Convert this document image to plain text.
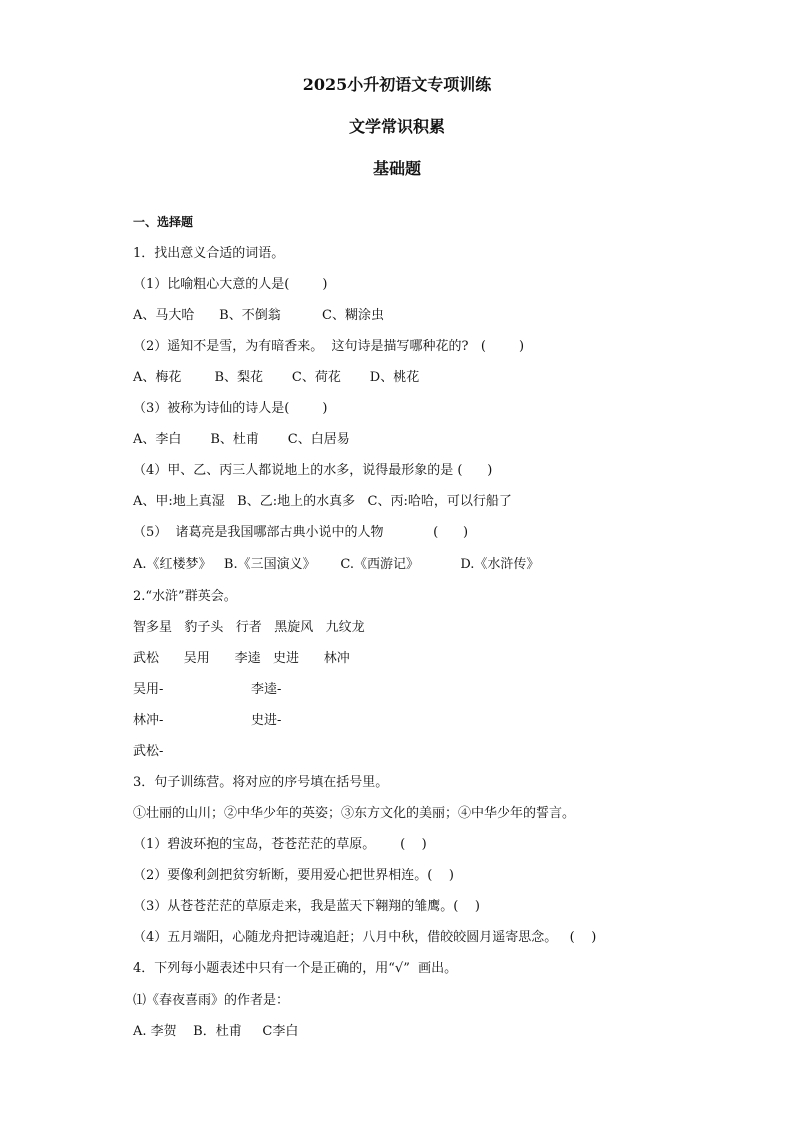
2025小升初语文专项训练
文学常识积累
基础题
一、选择题
1．找出意义合适的词语。
（1）比喻粗心大意的人是(        )
A、马大哈      B、不倒翁          C、糊涂虫
（2）遥知不是雪，为有暗香来。  这句诗是描写哪种花的?   (        )
A、梅花        B、梨花       C、荷花       D、桃花
（3）被称为诗仙的诗人是(        )
A、李白       B、杜甫       C、白居易
（4）甲、乙、丙三人都说地上的水多，说得最形象的是 (      )
A、甲:地上真湿   B、乙:地上的水真多   C、丙:哈哈，可以行船了
（5）  诸葛亮是我国哪部古典小说中的人物            (      )
A.《红楼梦》   B.《三国演义》      C.《西游记》          D.《水浒传》
2.“水浒”群英会。
智多星   豹子头   行者   黑旋风   九纹龙
武松      吴用      李逵   史进      林冲
吴用-	李逵-
林冲-	史进-
武松-
3．句子训练营。将对应的序号填在括号里。
①壮丽的山川；②中华少年的英姿；③东方文化的美丽；④中华少年的誓言。
（1）碧波环抱的宝岛，苍苍茫茫的草原。      (    )
（2）要像利剑把贫穷斩断，要用爱心把世界相连。(    )
（3）从苍苍茫茫的草原走来，我是蓝天下翱翔的雏鹰。(    )
（4）五月端阳，心随龙舟把诗魂追赶；八月中秋，借皎皎圆月遥寄思念。   (    )
4．下列每小题表述中只有一个是正确的，用“√”  画出。
⑴《春夜喜雨》的作者是：
A. 李贺    B．杜甫     C李白
